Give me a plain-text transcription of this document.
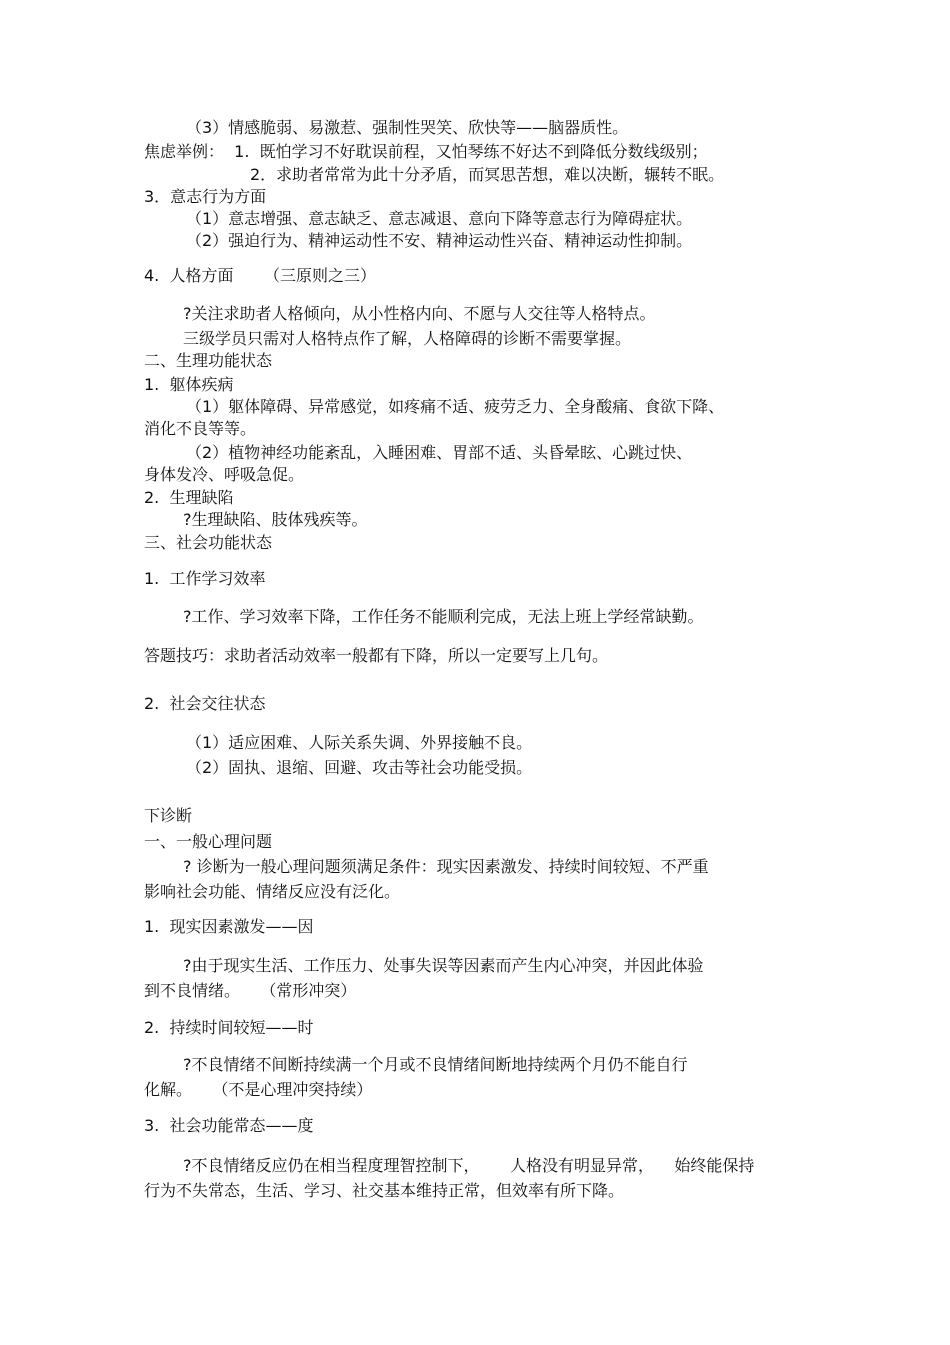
（3）情感脆弱、易激惹、强制性哭笑、欣快等——脑器质性。
焦虑举例：  1.  既怕学习不好耽误前程，又怕琴练不好达不到降低分数线级别；
2．求助者常常为此十分矛盾，而冥思苦想，难以决断，辗转不眠。
3．意志行为方面
（1）意志增强、意志缺乏、意志减退、意向下降等意志行为障碍症状。
（2）强迫行为、精神运动性不安、精神运动性兴奋、精神运动性抑制。
4.  人格方面      （三原则之三）
?关注求助者人格倾向，从小性格内向、不愿与人交往等人格特点。
三级学员只需对人格特点作了解，人格障碍的诊断不需要掌握。
二、生理功能状态
1.  躯体疾病
（1）躯体障碍、异常感觉，如疼痛不适、疲劳乏力、全身酸痛、食欲下降、
消化不良等等。
（2）植物神经功能紊乱，入睡困难、胃部不适、头昏晕眩、心跳过快、
身体发冷、呼吸急促。
2.  生理缺陷
?生理缺陷、肢体残疾等。
三、社会功能状态
1.  工作学习效率
?工作、学习效率下降，工作任务不能顺利完成，无法上班上学经常缺勤。
答题技巧：求助者活动效率一般都有下降，所以一定要写上几句。
2.  社会交往状态
（1）适应困难、人际关系失调、外界接触不良。
（2）固执、退缩、回避、攻击等社会功能受损。
下诊断
一、一般心理问题
? 诊断为一般心理问题须满足条件：现实因素激发、持续时间较短、不严重
影响社会功能、情绪反应没有泛化。
1.  现实因素激发——因
?由于现实生活、工作压力、处事失误等因素而产生内心冲突，并因此体验
到不良情绪。    （常形冲突）
2.  持续时间较短——时
?不良情绪不间断持续满一个月或不良情绪间断地持续两个月仍不能自行
化解。    （不是心理冲突持续）
3.  社会功能常态——度
?不良情绪反应仍在相当程度理智控制下，      人格没有明显异常，    始终能保持
行为不失常态，生活、学习、社交基本维持正常，但效率有所下降。
